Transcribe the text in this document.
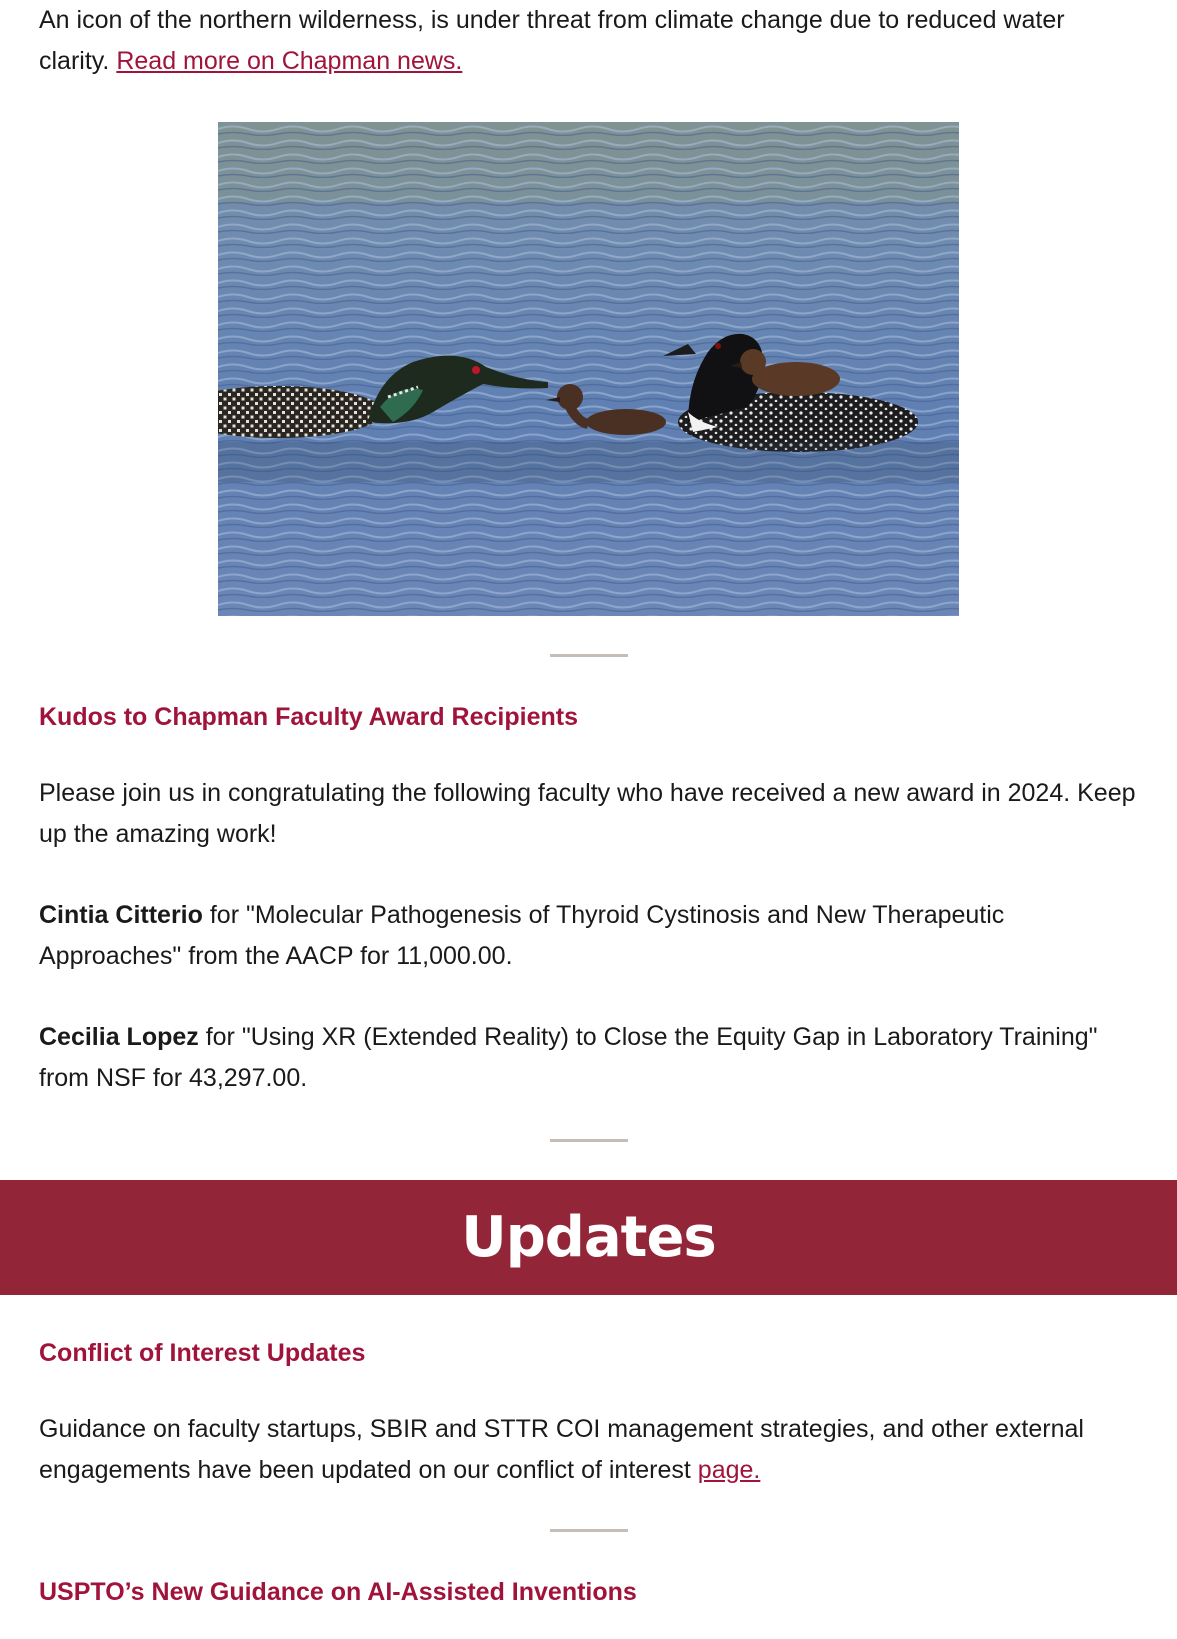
An icon of the northern wilderness, is under threat from climate change due to reduced water clarity. Read more on Chapman news.

Kudos to Chapman Faculty Award Recipients

Please join us in congratulating the following faculty who have received a new award in 2024. Keep up the amazing work!

Cintia Citterio for "Molecular Pathogenesis of Thyroid Cystinosis and New Therapeutic Approaches" from the AACP for 11,000.00.

Cecilia Lopez for "Using XR (Extended Reality) to Close the Equity Gap in Laboratory Training" from NSF for 43,297.00.

Updates
Conflict of Interest Updates

Guidance on faculty startups, SBIR and STTR COI management strategies, and other external engagements have been updated on our conflict of interest page.

USPTO’s New Guidance on AI-Assisted Inventions
